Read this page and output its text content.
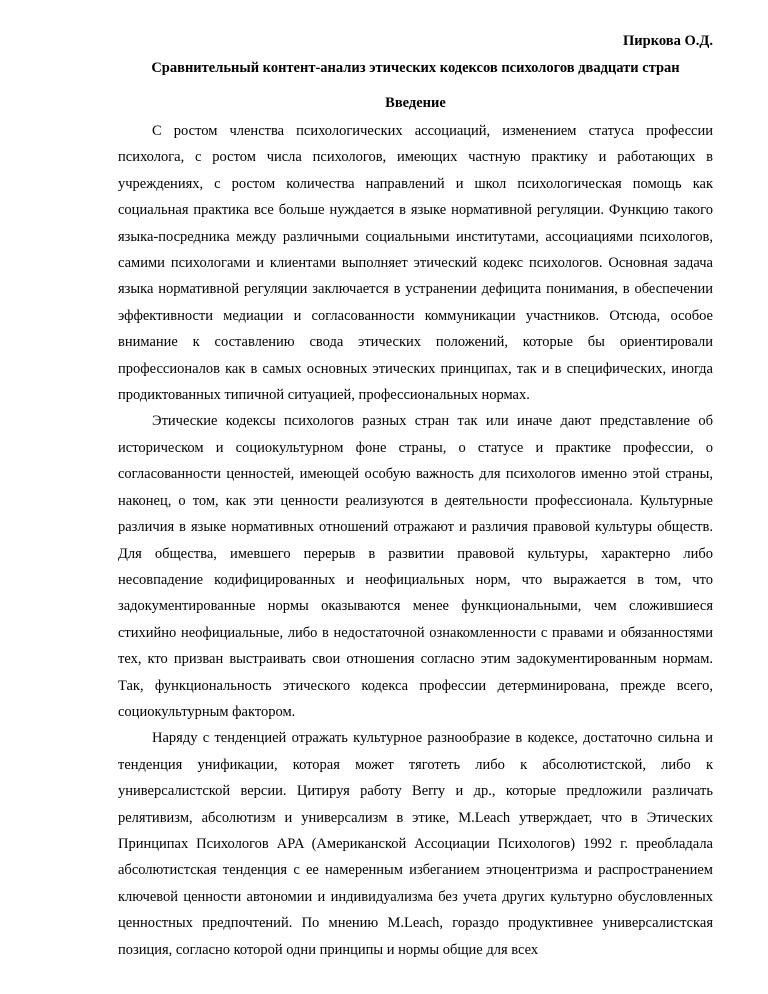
Пиркова О.Д.
Сравнительный контент-анализ этических кодексов психологов двадцати стран
Введение

С ростом членства психологических ассоциаций, изменением статуса профессии психолога, с ростом числа психологов, имеющих частную практику и работающих в учреждениях, с ростом количества направлений и школ психологическая помощь как социальная практика все больше нуждается в языке нормативной регуляции. Функцию такого языка-посредника между различными социальными институтами, ассоциациями психологов, самими психологами и клиентами выполняет этический кодекс психологов. Основная задача языка нормативной регуляции заключается в устранении дефицита понимания, в обеспечении эффективности медиации и согласованности коммуникации участников. Отсюда, особое внимание к составлению свода этических положений, которые бы ориентировали профессионалов как в самых основных этических принципах, так и в специфических, иногда продиктованных типичной ситуацией, профессиональных нормах.

Этические кодексы психологов разных стран так или иначе дают представление об историческом и социокультурном фоне страны, о статусе и практике профессии, о согласованности ценностей, имеющей особую важность для психологов именно этой страны, наконец, о том, как эти ценности реализуются в деятельности профессионала. Культурные различия в языке нормативных отношений отражают и различия правовой культуры обществ. Для общества, имевшего перерыв в развитии правовой культуры, характерно либо несовпадение кодифицированных и неофициальных норм, что выражается в том, что задокументированные нормы оказываются менее функциональными, чем сложившиеся стихийно неофициальные, либо в недостаточной ознакомленности с правами и обязанностями тех, кто призван выстраивать свои отношения согласно этим задокументированным нормам. Так, функциональность этического кодекса профессии детерминирована, прежде всего, социокультурным фактором.

Наряду с тенденцией отражать культурное разнообразие в кодексе, достаточно сильна и тенденция унификации, которая может тяготеть либо к абсолютистской, либо к универсалистской версии. Цитируя работу Berry и др., которые предложили различать релятивизм, абсолютизм и универсализм в этике, M.Leach утверждает, что в Этических Принципах Психологов APA (Американской Ассоциации Психологов) 1992 г. преобладала абсолютистская тенденция с ее намеренным избеганием этноцентризма и распространением ключевой ценности автономии и индивидуализма без учета других культурно обусловленных ценностных предпочтений. По мнению M.Leach, гораздо продуктивнее универсалистская позиция, согласно которой одни принципы и нормы общие для всех
